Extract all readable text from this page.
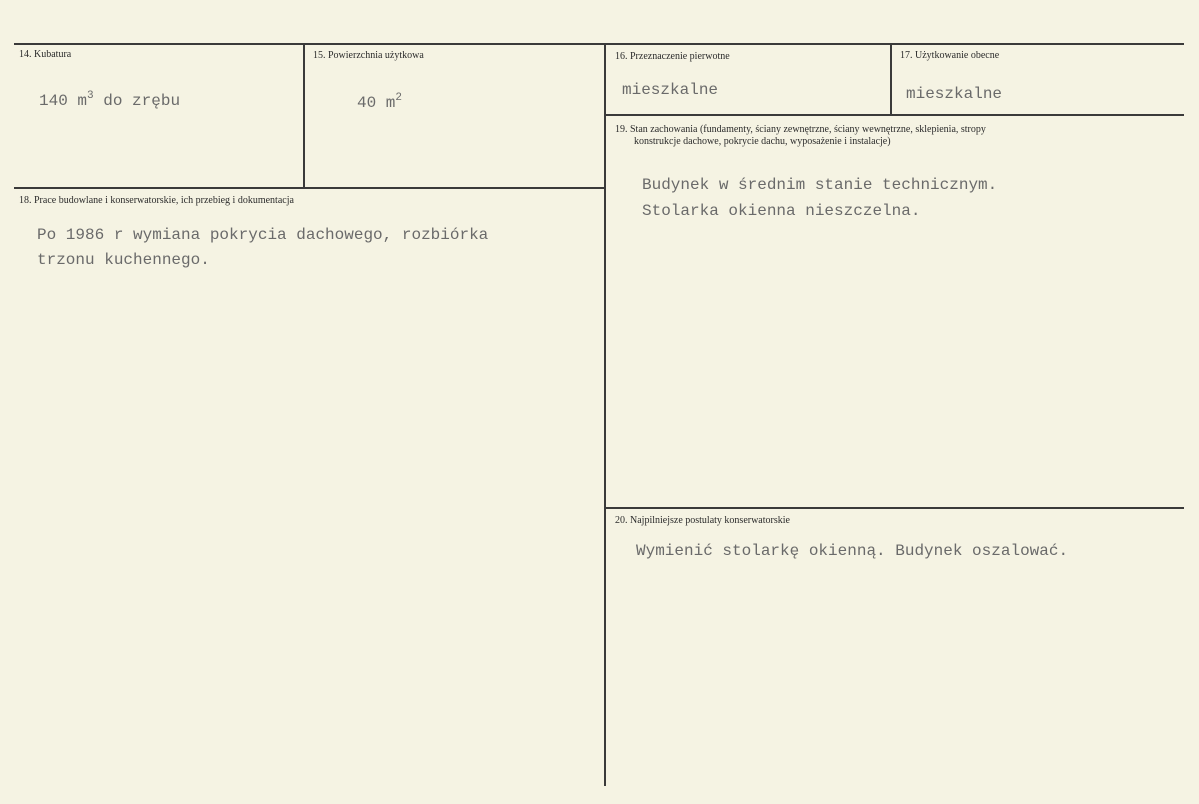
14. Kubatura
140 $m^3$ do zrębu
15. Powierzchnia użytkowa
40 $m^2$
16. Przeznaczenie pierwotne
mieszkalne
17. Użytkowanie obecne
mieszkalne
18. Prace budowlane i konserwatorskie, ich przebieg i dokumentacja
Po 1986 r wymiana pokrycia dachowego, rozbiórka
trzonu kuchennego.
19. Stan zachowania (fundamenty, ściany zewnętrzne, ściany wewnętrzne, sklepienia, stropy
konstrukcje dachowe, pokrycie dachu, wyposażenie i instalacje)
Budynek w średnim stanie technicznym.
Stolarka okienna nieszczelna.
20. Najpilniejsze postulaty konserwatorskie
Wymienić stolarkę okienną. Budynek oszalować.
